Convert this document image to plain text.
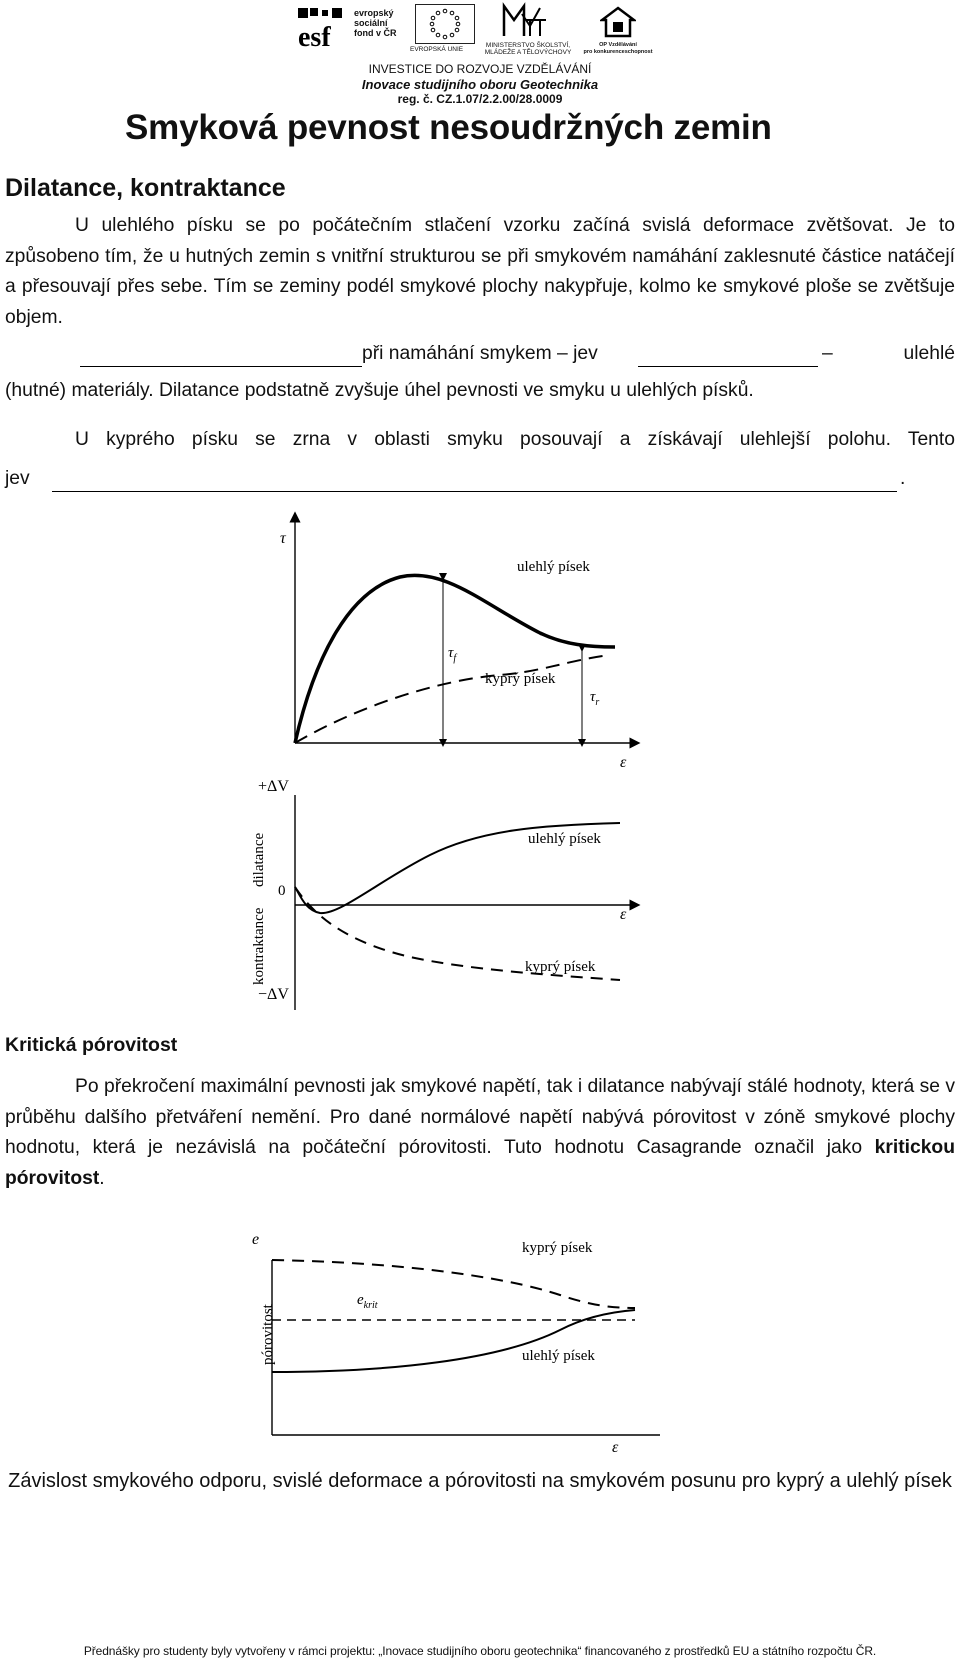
esf
evropský
sociální
fond v ČR
EVROPSKÁ UNIE
MINISTERSTVO ŠKOLSTVÍ,
MLÁDEŽE A TĚLOVÝCHOVY
OP Vzdělávání
pro konkurenceschopnost
INVESTICE DO ROZVOJE VZDĚLÁVÁNÍ
Inovace studijního oboru Geotechnika
reg. č. CZ.1.07/2.2.00/28.0009
Smyková pevnost nesoudržných zemin
Dilatance, kontraktance
U ulehlého písku se po počátečním stlačení vzorku začíná svislá deformace zvětšovat. Je to způsobeno tím, že u hutných zemin s vnitřní strukturou se při smykovém namáhání zaklesnuté částice natáčejí a přesouvají přes sebe. Tím se zeminy podél smykové plochy nakypřuje, kolmo ke smykové ploše se zvětšuje objem.
při namáhání smykem – jev	–	ulehlé
(hutné) materiály. Dilatance podstatně zvyšuje úhel pevnosti ve smyku u ulehlých písků.
U kyprého písku se zrna v oblasti smyku posouvají a získávají ulehlejší polohu. Tento
jev	.
τ
ε
$\tau_f$
$\tau_r$
ulehlý písek
kyprý písek
+ΔV
−ΔV
0
ε
dilatance
kontraktance
ulehlý písek
kyprý písek
Kritická pórovitost
Po překročení maximální pevnosti jak smykové napětí, tak i dilatance nabývají stálé hodnoty, která se v průběhu dalšího přetváření nemění. Pro dané normálové napětí nabývá pórovitost v zóně smykové plochy hodnotu, která je nezávislá na počáteční pórovitosti. Tuto hodnotu Casagrande označil jako kritickou pórovitost.
e
pórovitost
ε
$e_{krit}$
kyprý písek
ulehlý písek
Závislost smykového odporu, svislé deformace a pórovitosti na smykovém posunu pro kyprý a ulehlý písek
Přednášky pro studenty byly vytvořeny v rámci projektu: „Inovace studijního oboru geotechnika“ financovaného z prostředků EU a státního rozpočtu ČR.
